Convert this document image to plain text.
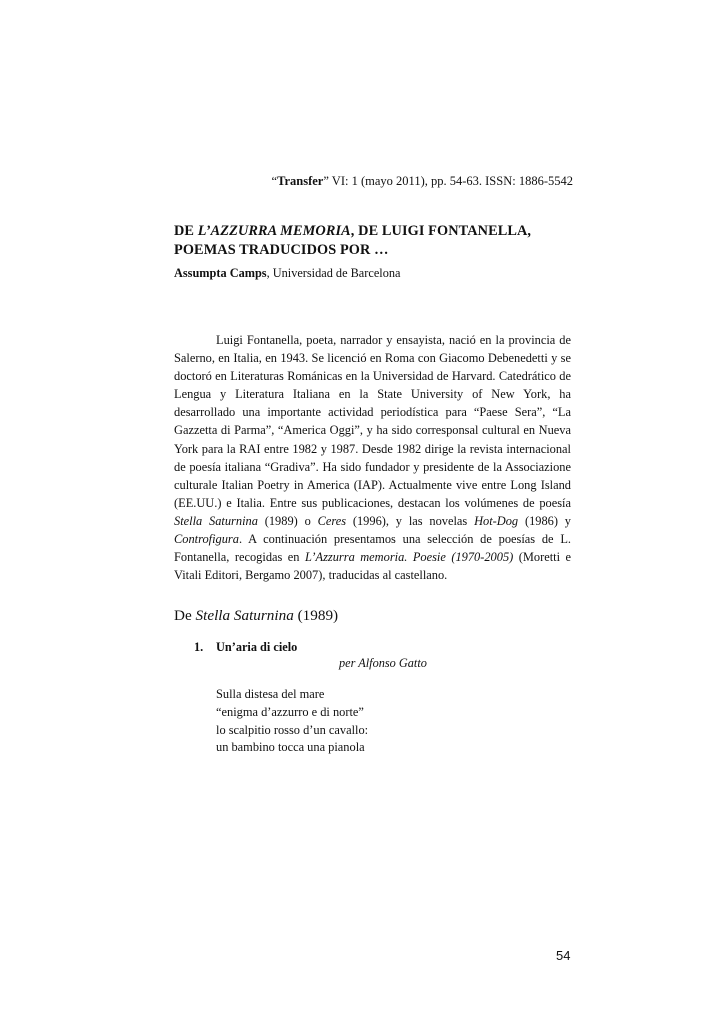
“Transfer” VI: 1 (mayo 2011), pp. 54-63. ISSN: 1886-5542
DE L’AZZURRA MEMORIA, DE LUIGI FONTANELLA, POEMAS TRADUCIDOS POR …
Assumpta Camps, Universidad de Barcelona
Luigi Fontanella, poeta, narrador y ensayista, nació en la provincia de Salerno, en Italia, en 1943. Se licenció en Roma con Giacomo Debenedetti y se doctoró en Literaturas Románicas en la Universidad de Harvard. Catedrático de Lengua y Literatura Italiana en la State University of New York, ha desarrollado una importante actividad periodística para “Paese Sera”, “La Gazzetta di Parma”, “America Oggi”, y ha sido corresponsal cultural en Nueva York para la RAI entre 1982 y 1987. Desde 1982 dirige la revista internacional de poesía italiana “Gradiva”. Ha sido fundador y presidente de la Associazione culturale Italian Poetry in America (IAP). Actualmente vive entre Long Island (EE.UU.) e Italia. Entre sus publicaciones, destacan los volúmenes de poesía Stella Saturnina (1989) o Ceres (1996), y las novelas Hot-Dog (1986) y Controfigura. A continuación presentamos una selección de poesías de L. Fontanella, recogidas en L’Azzurra memoria. Poesie (1970-2005) (Moretti e Vitali Editori, Bergamo 2007), traducidas al castellano.
De Stella Saturnina (1989)
1. Un’aria di cielo
per Alfonso Gatto
Sulla distesa del mare
“enigma d’azzurro e di norte”
lo scalpitio rosso d’un cavallo:
un bambino tocca una pianola
54
